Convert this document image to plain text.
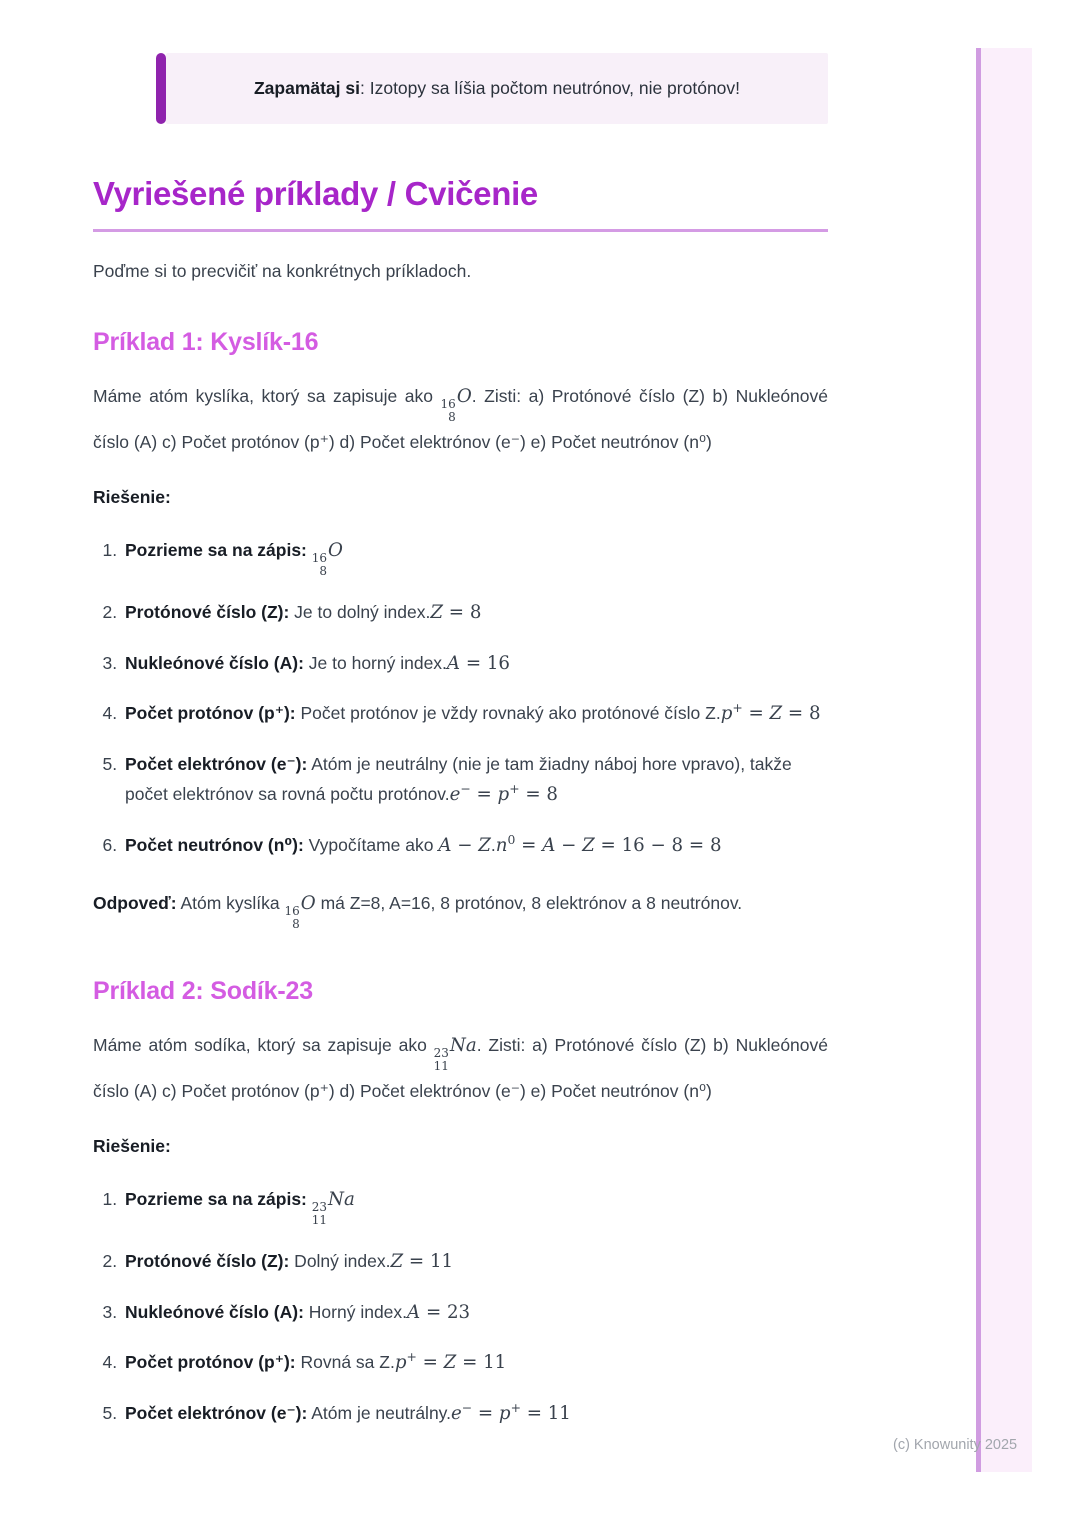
Zapamätaj si : Izotopy sa líšia počtom neutrónov, nie protónov!
Vyriešené príklady / Cvičenie

Poďme si to precvičiť na konkrétnych príkladoch.

Príklad 1: Kyslík-16

Máme atóm kyslíka, ktorý sa zapisuje ako 16
8
O. Zisti: a) Protónové číslo (Z) b) Nukleónové číslo (A) c) Počet protónov (p⁺) d) Počet elektrónov (e⁻) e) Počet neutrónov (n⁰)

Riešenie:
1. Pozrieme sa na zápis: 16
8
O
2. Protónové číslo (Z): Je to dolný index.Z = 8
3. Nukleónové číslo (A): Je to horný index.A = 16
4. Počet protónov (p⁺): Počet protónov je vždy rovnaký ako protónové číslo Z.p+ = Z = 8
5. Počet elektrónov (e⁻): Atóm je neutrálny (nie je tam žiadny náboj hore vpravo), takže počet elektrónov sa rovná počtu protónov.e− = p+ = 8
6. Počet neutrónov (n⁰): Vypočítame ako $A - Z.n^0 = A - Z = 16 - 8 = 8$

Odpoveď: Atóm kyslíka 16
8
O má Z=8, A=16, 8 protónov, 8 elektrónov a 8 neutrónov.

Príklad 2: Sodík-23

Máme atóm sodíka, ktorý sa zapisuje ako 23
11
Na. Zisti: a) Protónové číslo (Z) b) Nukleónové číslo (A) c) Počet protónov (p⁺) d) Počet elektrónov (e⁻) e) Počet neutrónov (n⁰)

Riešenie:
1. Pozrieme sa na zápis: 23
11
Na
2. Protónové číslo (Z): Dolný index.Z = 11
3. Nukleónové číslo (A): Horný index.A = 23
4. Počet protónov (p⁺): Rovná sa Z.p+ = Z = 11
5. Počet elektrónov (e⁻): Atóm je neutrálny.e− = p+ = 11
(c) Knowunity 2025
